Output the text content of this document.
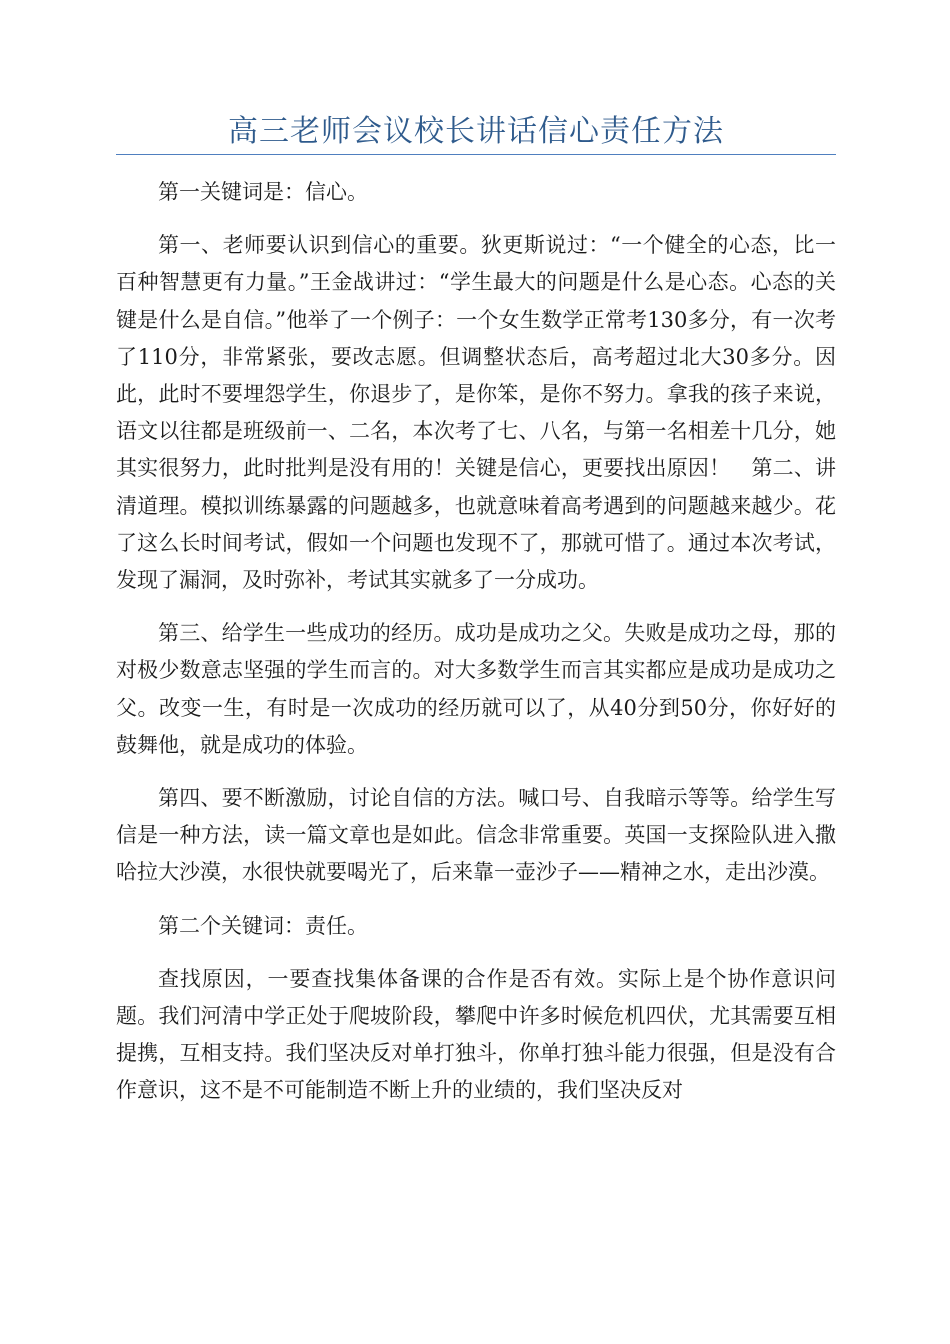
高三老师会议校长讲话信心责任方法

第一关键词是：信心。

第一、老师要认识到信心的重要。狄更斯说过：“一个健全的心态，比一百种智慧更有力量。”王金战讲过：“学生最大的问题是什么是心态。心态的关键是什么是自信。”他举了一个例子：一个女生数学正常考130多分，有一次考了110分，非常紧张，要改志愿。但调整状态后，高考超过北大30多分。因此，此时不要埋怨学生，你退步了，是你笨，是你不努力。拿我的孩子来说，语文以往都是班级前一、二名，本次考了七、八名，与第一名相差十几分，她其实很努力，此时批判是没有用的！关键是信心，更要找出原因！　第二、讲清道理。模拟训练暴露的问题越多，也就意味着高考遇到的问题越来越少。花了这么长时间考试，假如一个问题也发现不了，那就可惜了。通过本次考试，发现了漏洞，及时弥补，考试其实就多了一分成功。

第三、给学生一些成功的经历。成功是成功之父。失败是成功之母，那的对极少数意志坚强的学生而言的。对大多数学生而言其实都应是成功是成功之父。改变一生，有时是一次成功的经历就可以了，从40分到50分，你好好的鼓舞他，就是成功的体验。

第四、要不断激励，讨论自信的方法。喊口号、自我暗示等等。给学生写信是一种方法，读一篇文章也是如此。信念非常重要。英国一支探险队进入撒哈拉大沙漠，水很快就要喝光了，后来靠一壶沙子——精神之水，走出沙漠。

第二个关键词：责任。

查找原因，一要查找集体备课的合作是否有效。实际上是个协作意识问题。我们河清中学正处于爬坡阶段，攀爬中许多时候危机四伏，尤其需要互相提携，互相支持。我们坚决反对单打独斗，你单打独斗能力很强，但是没有合作意识，这不是不可能制造不断上升的业绩的，我们坚决反对
